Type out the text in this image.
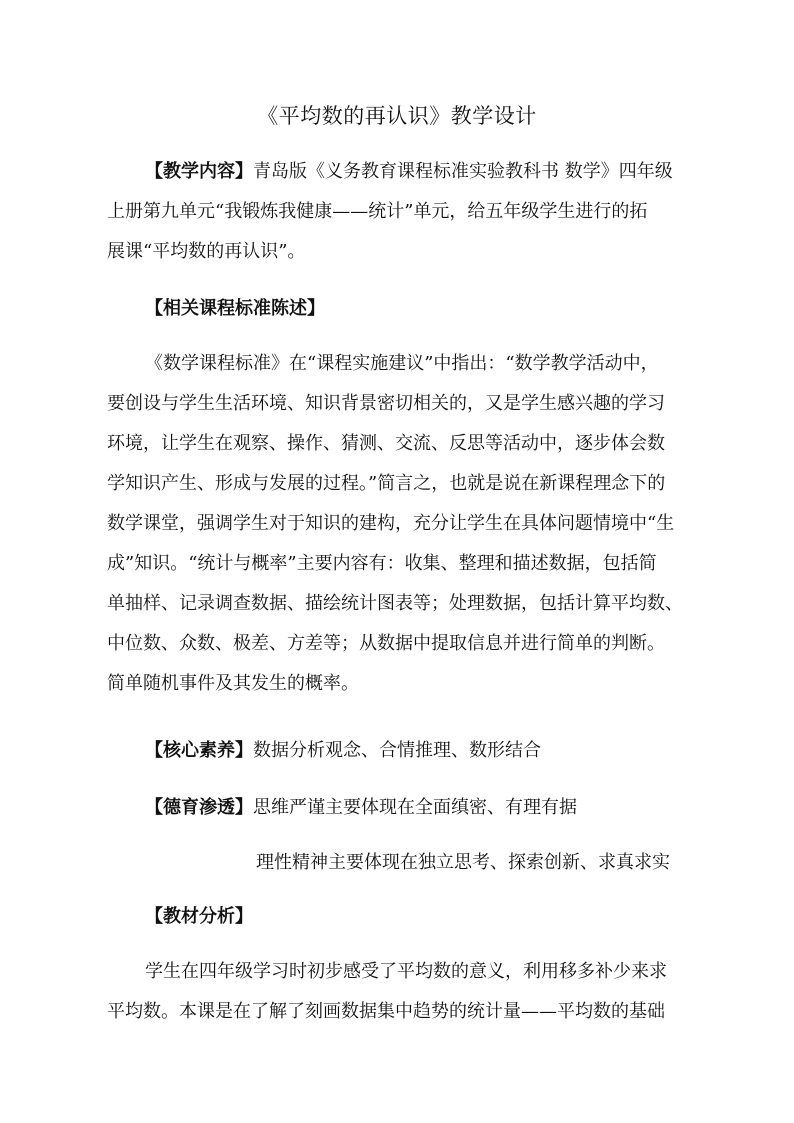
《平均数的再认识》教学设计
【教学内容】青岛版《义务教育课程标准实验教科书 数学》四年级
上册第九单元“我锻炼我健康——统计”单元，给五年级学生进行的拓
展课“平均数的再认识”。
【相关课程标准陈述】
《数学课程标准》在“课程实施建议”中指出：“数学教学活动中，
要创设与学生生活环境、知识背景密切相关的，又是学生感兴趣的学习
环境，让学生在观察、操作、猜测、交流、反思等活动中，逐步体会数
学知识产生、形成与发展的过程。”简言之，也就是说在新课程理念下的
数学课堂，强调学生对于知识的建构，充分让学生在具体问题情境中“生
成”知识。“统计与概率”主要内容有：收集、整理和描述数据，包括简
单抽样、记录调查数据、描绘统计图表等；处理数据，包括计算平均数、
中位数、众数、极差、方差等；从数据中提取信息并进行简单的判断。
简单随机事件及其发生的概率。
【核心素养】数据分析观念、合情推理、数形结合
【德育渗透】思维严谨主要体现在全面缜密、有理有据
理性精神主要体现在独立思考、探索创新、求真求实
【教材分析】
学生在四年级学习时初步感受了平均数的意义，利用移多补少来求
平均数。本课是在了解了刻画数据集中趋势的统计量——平均数的基础
